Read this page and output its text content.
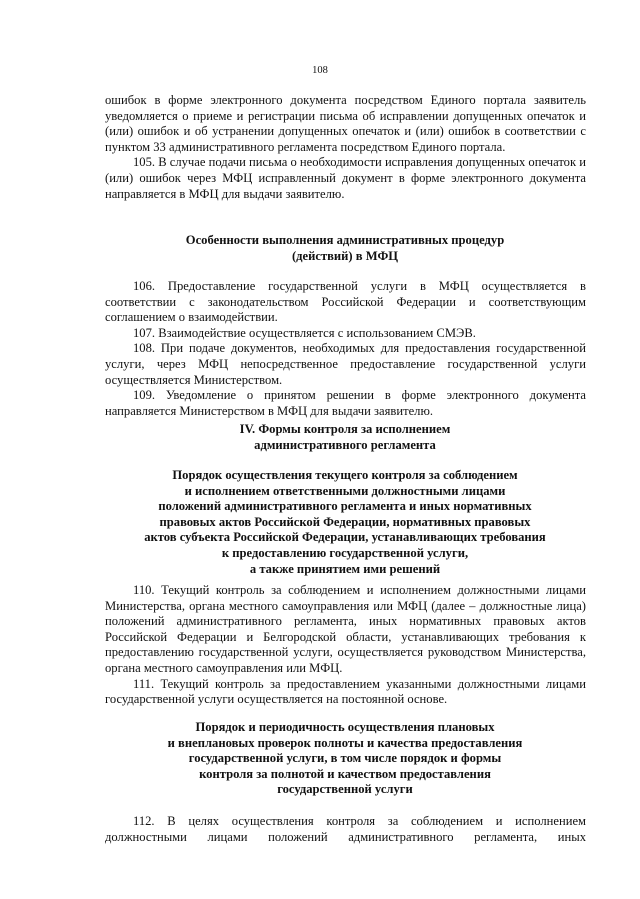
108

ошибок в форме электронного документа посредством Единого портала заявитель уведомляется о приеме и регистрации письма об исправлении допущенных опечаток и (или) ошибок и об устранении допущенных опечаток и (или) ошибок в соответствии с пунктом 33 административного регламента посредством Единого портала.

105. В случае подачи письма о необходимости исправления допущенных опечаток и (или) ошибок через МФЦ исправленный документ в форме электронного документа направляется в МФЦ для выдачи заявителю.

Особенности выполнения административных процедур
(действий) в МФЦ

106. Предоставление государственной услуги в МФЦ осуществляется в соответствии с законодательством Российской Федерации и соответствующим соглашением о взаимодействии.

107. Взаимодействие осуществляется с использованием СМЭВ.

108. При подаче документов, необходимых для предоставления государственной услуги, через МФЦ непосредственное предоставление государственной услуги осуществляется Министерством.

109. Уведомление о принятом решении в форме электронного документа направляется Министерством в МФЦ для выдачи заявителю.

IV. Формы контроля за исполнением
административного регламента
Порядок осуществления текущего контроля за соблюдением
и исполнением ответственными должностными лицами
положений административного регламента и иных нормативных
правовых актов Российской Федерации, нормативных правовых
актов субъекта Российской Федерации, устанавливающих требования
к предоставлению государственной услуги,
а также принятием ими решений

110. Текущий контроль за соблюдением и исполнением должностными лицами Министерства, органа местного самоуправления или МФЦ (далее – должностные лица) положений административного регламента, иных нормативных правовых актов Российской Федерации и Белгородской области, устанавливающих требования к предоставлению государственной услуги, осуществляется руководством Министерства, органа местного самоуправления или МФЦ.

111. Текущий контроль за предоставлением указанными должностными лицами государственной услуги осуществляется на постоянной основе.

Порядок и периодичность осуществления плановых
и внеплановых проверок полноты и качества предоставления
государственной услуги, в том числе порядок и формы
контроля за полнотой и качеством предоставления
государственной услуги

112. В целях осуществления контроля за соблюдением и исполнением должностными лицами положений административного регламента, иных
